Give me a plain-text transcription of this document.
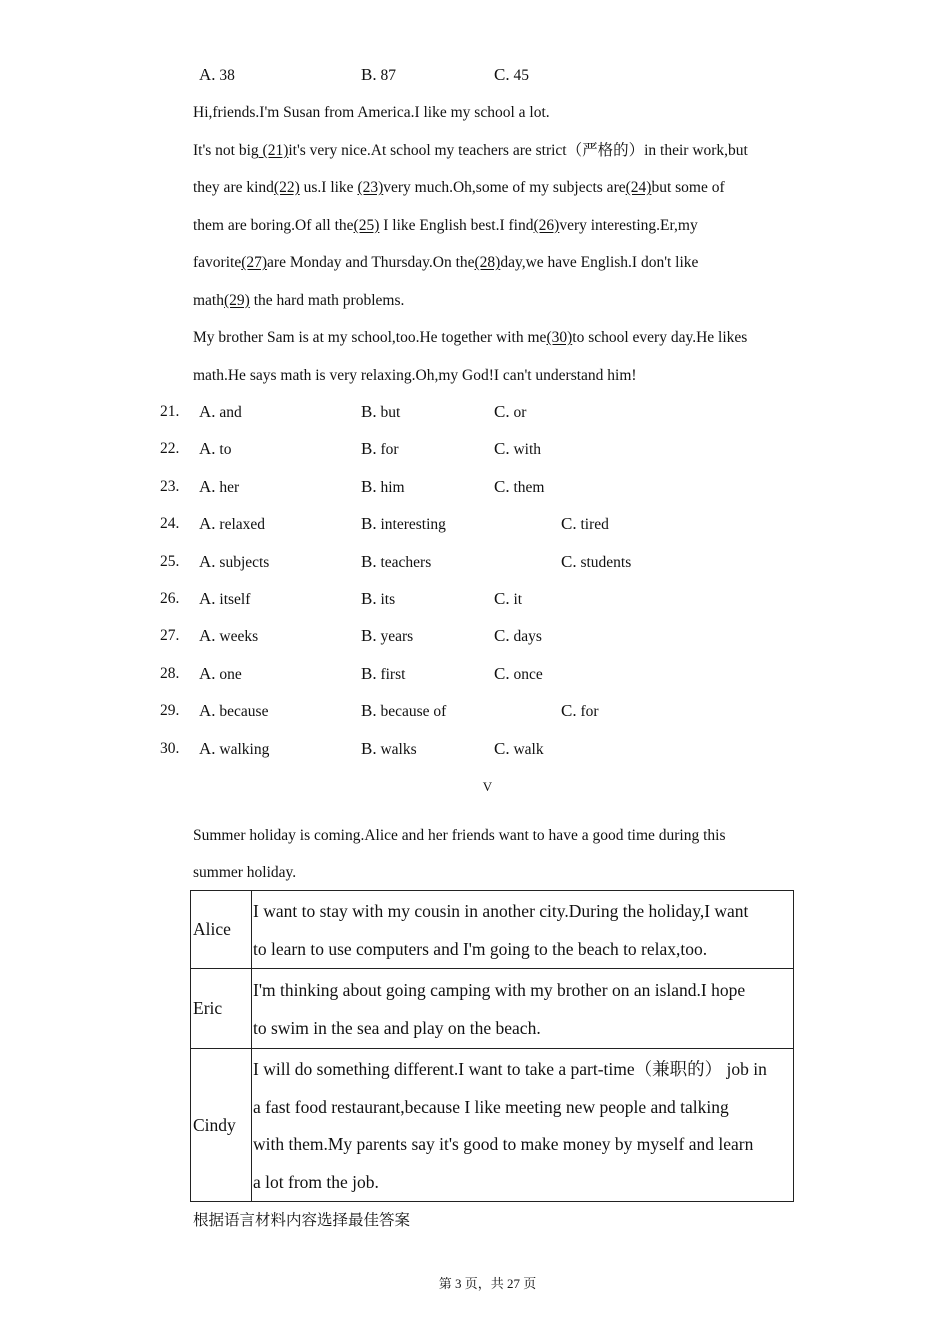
A. 38	B. 87	C. 45
Hi,friends.I'm Susan from America.I like my school a lot.
It's not big (21)it's very nice.At school my teachers are strict（严格的）in their work,but
they are kind(22) us.I like (23)very much.Oh,some of my subjects are(24)but some of
them are boring.Of all the(25) I like English best.I find(26)very interesting.Er,my
favorite(27)are Monday and Thursday.On the(28)day,we have English.I don't like
math(29) the hard math problems.
My brother Sam is at my school,too.He together with me(30)to school every day.He likes
math.He says math is very relaxing.Oh,my God!I can't understand him!
21. A. and	B. but	C. or
22. A. to	B. for	C. with
23. A. her	B. him	C. them
24. A. relaxed	B. interesting	C. tired
25. A. subjects	B. teachers	C. students
26. A. itself	B. its	C. it
27. A. weeks	B. years	C. days
28. A. one	B. first	C. once
29. A. because	B. because of	C. for
30. A. walking	B. walks	C. walk
V
Summer holiday is coming.Alice and her friends want to have a good time during this
summer holiday.
Alice	I want to stay with my cousin in another city.During the holiday,I want
to learn to use computers and I'm going to the beach to relax,too.

Eric	I'm thinking about going camping with my brother on an island.I hope
to swim in the sea and play on the beach.

Cindy	I will do something different.I want to take a part-time（兼职的） job in
a fast food restaurant,because I like meeting new people and talking
with them.My parents say it's good to make money by myself and learn
a lot from the job.
根据语言材料内容选择最佳答案
第 3 页，共 27 页
